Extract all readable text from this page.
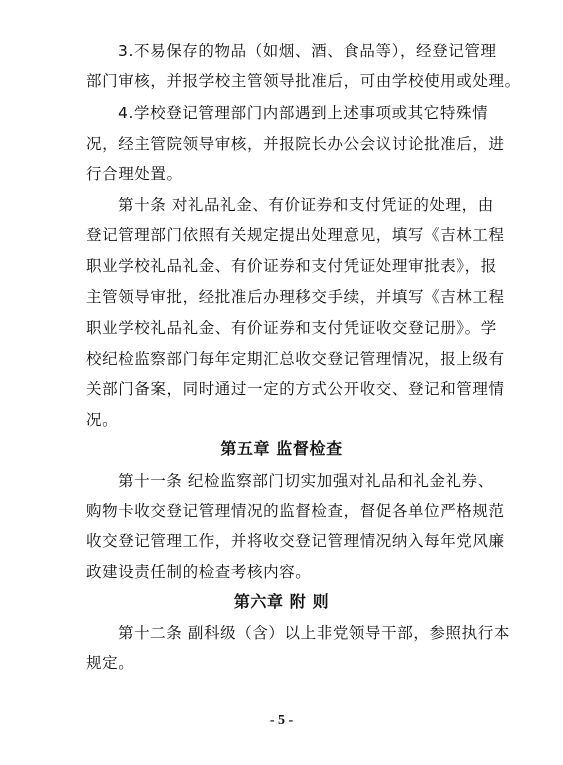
3.不易保存的物品（如烟、酒、食品等），经登记管理
部门审核，并报学校主管领导批准后，可由学校使用或处理。
4.学校登记管理部门内部遇到上述事项或其它特殊情
况，经主管院领导审核，并报院长办公会议讨论批准后，进
行合理处置。
第十条 对礼品礼金、有价证券和支付凭证的处理，由
登记管理部门依照有关规定提出处理意见，填写《吉林工程
职业学校礼品礼金、有价证券和支付凭证处理审批表》，报
主管领导审批，经批准后办理移交手续，并填写《吉林工程
职业学校礼品礼金、有价证券和支付凭证收交登记册》。学
校纪检监察部门每年定期汇总收交登记管理情况，报上级有
关部门备案，同时通过一定的方式公开收交、登记和管理情
况。
第五章 监督检查
第十一条 纪检监察部门切实加强对礼品和礼金礼券、
购物卡收交登记管理情况的监督检查，督促各单位严格规范
收交登记管理工作，并将收交登记管理情况纳入每年党风廉
政建设责任制的检查考核内容。
第六章 附 则
第十二条 副科级（含）以上非党领导干部，参照执行本
规定。
- 5 -
